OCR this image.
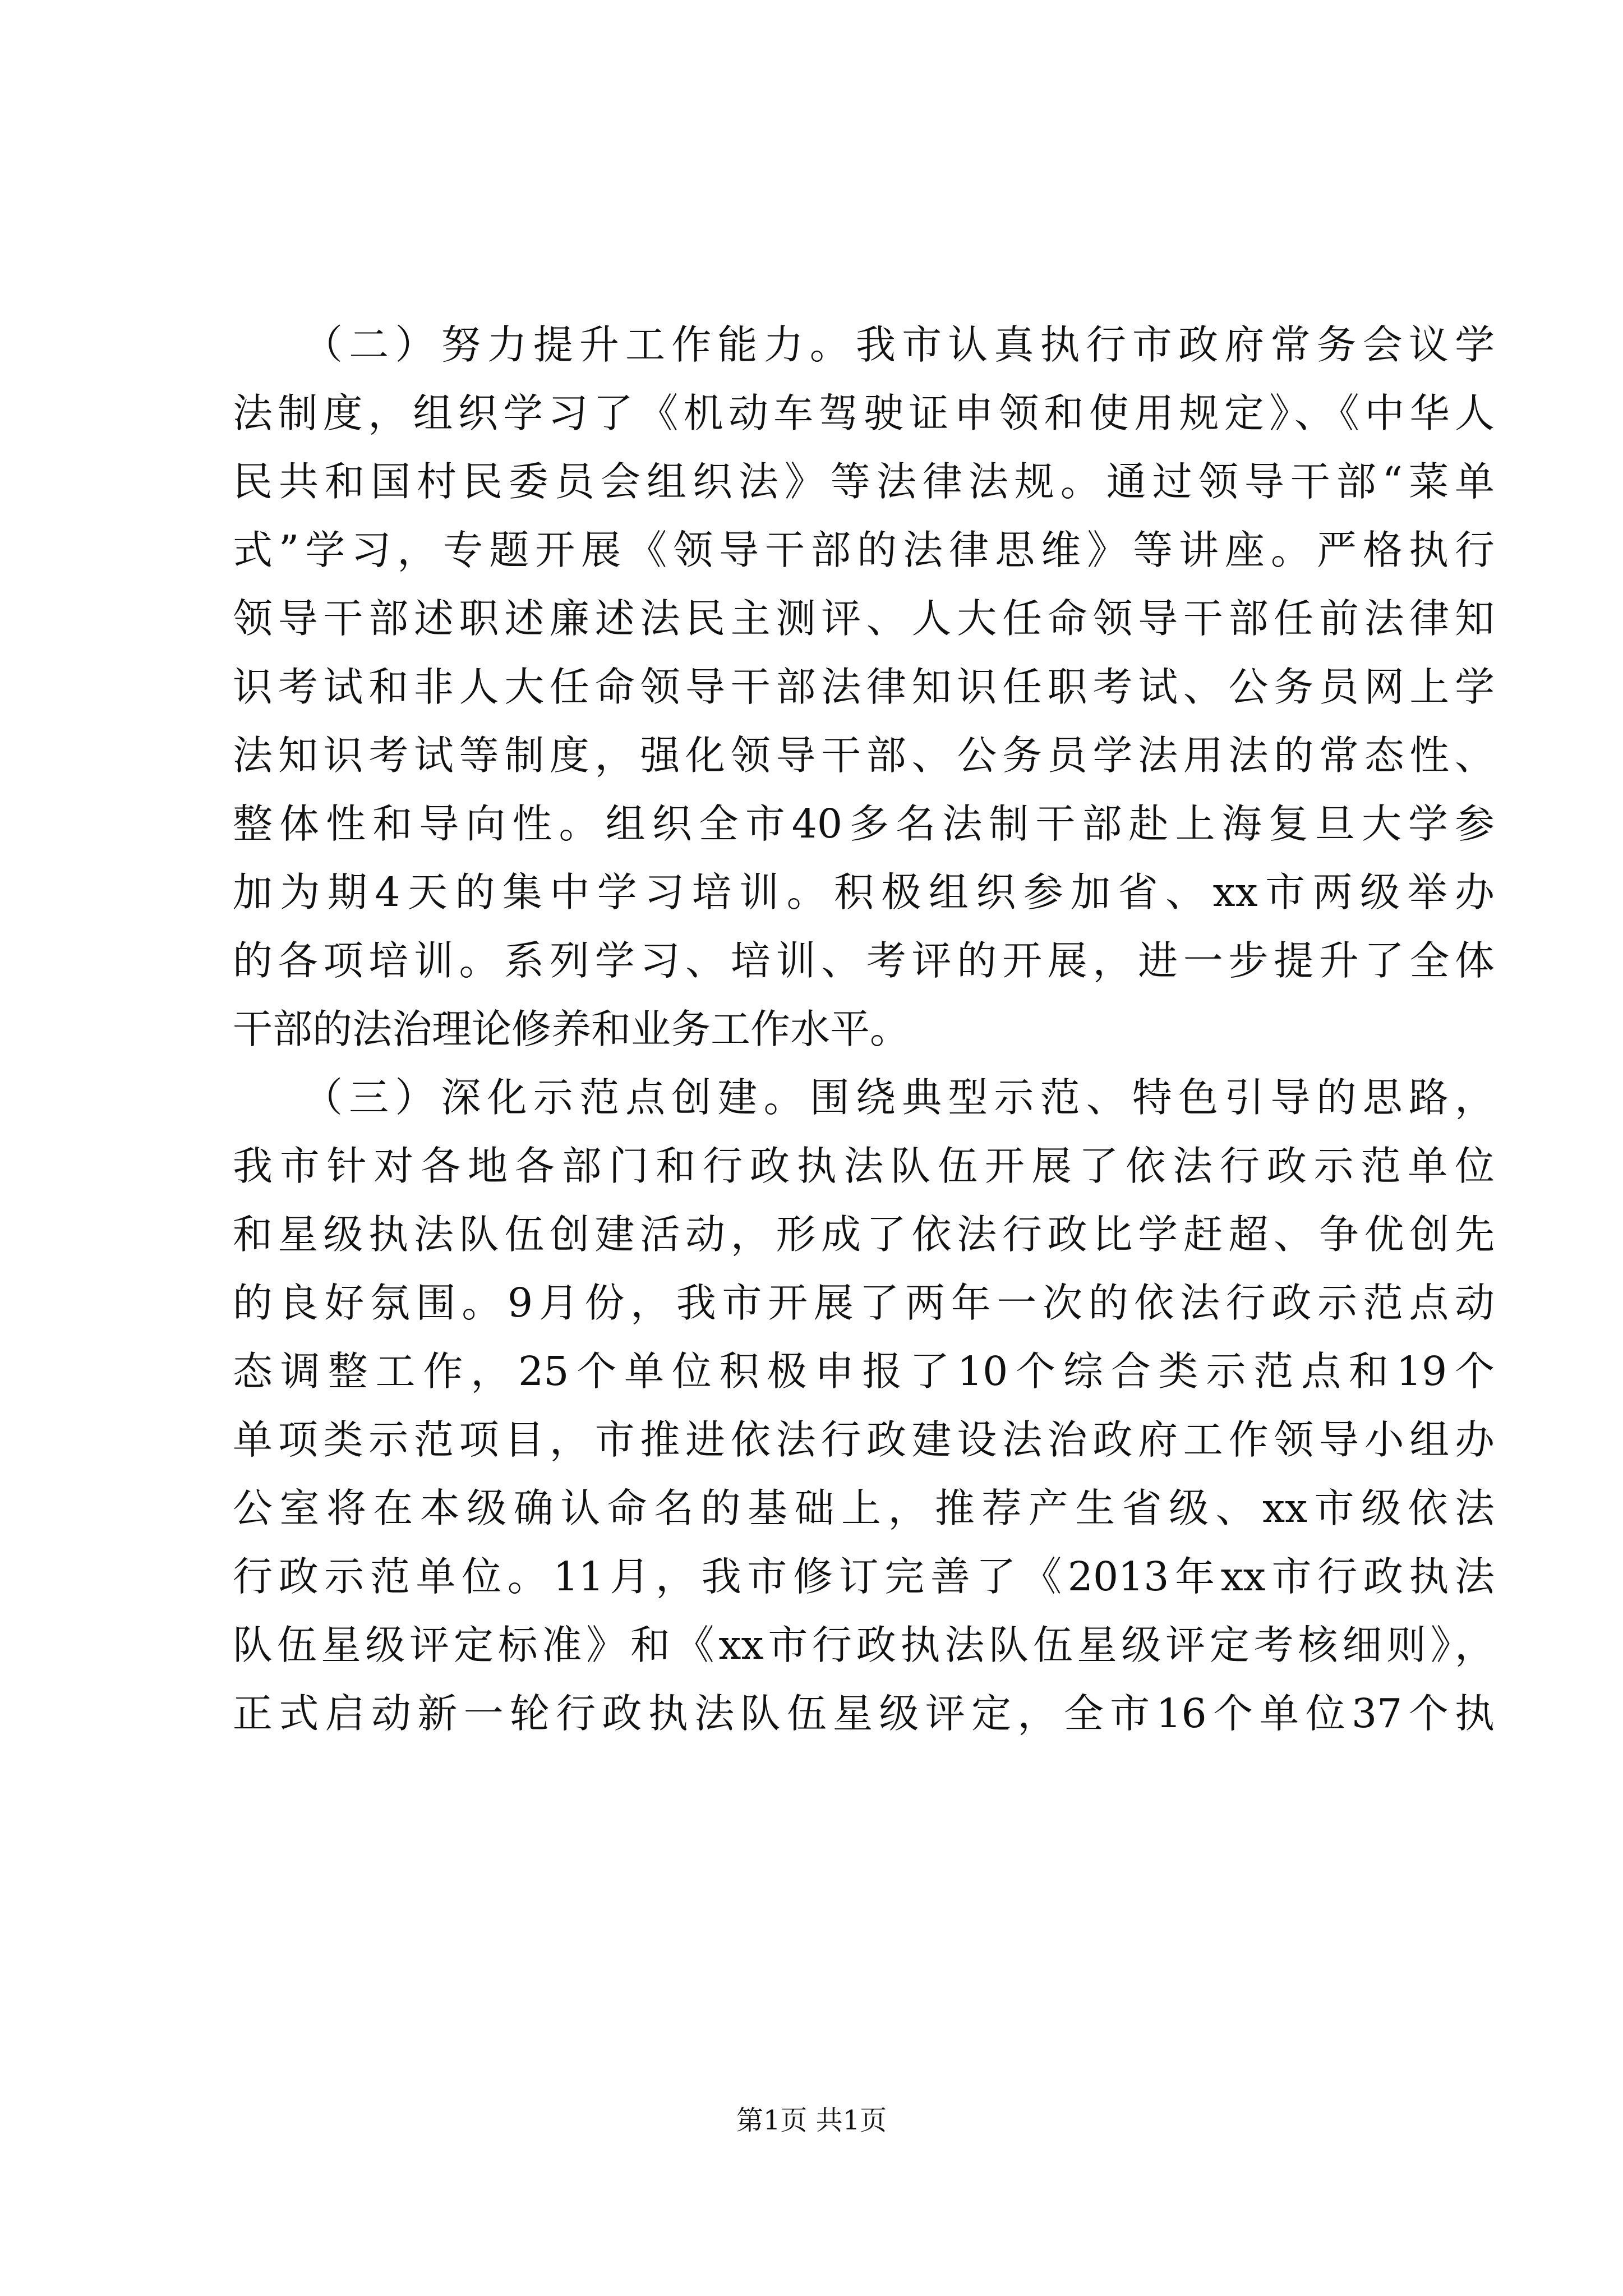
（二）努力提升工作能力。我市认真执行市政府常务会议学
法制度，组织学习了《机动车驾驶证申领和使用规定》、《中华人
民共和国村民委员会组织法》等法律法规。通过领导干部“菜单
式”学习，专题开展《领导干部的法律思维》等讲座。严格执行
领导干部述职述廉述法民主测评、人大任命领导干部任前法律知
识考试和非人大任命领导干部法律知识任职考试、公务员网上学
法知识考试等制度，强化领导干部、公务员学法用法的常态性、
整体性和导向性。组织全市40多名法制干部赴上海复旦大学参
加为期4天的集中学习培训。积极组织参加省、xx市两级举办
的各项培训。系列学习、培训、考评的开展，进一步提升了全体
干部的法治理论修养和业务工作水平。
（三）深化示范点创建。围绕典型示范、特色引导的思路，
我市针对各地各部门和行政执法队伍开展了依法行政示范单位
和星级执法队伍创建活动，形成了依法行政比学赶超、争优创先
的良好氛围。9月份，我市开展了两年一次的依法行政示范点动
态调整工作，25个单位积极申报了10个综合类示范点和19个
单项类示范项目，市推进依法行政建设法治政府工作领导小组办
公室将在本级确认命名的基础上，推荐产生省级、xx市级依法
行政示范单位。11月，我市修订完善了《2013年xx市行政执法
队伍星级评定标准》和《xx市行政执法队伍星级评定考核细则》，
正式启动新一轮行政执法队伍星级评定，全市16个单位37个执
第1页 共1页
